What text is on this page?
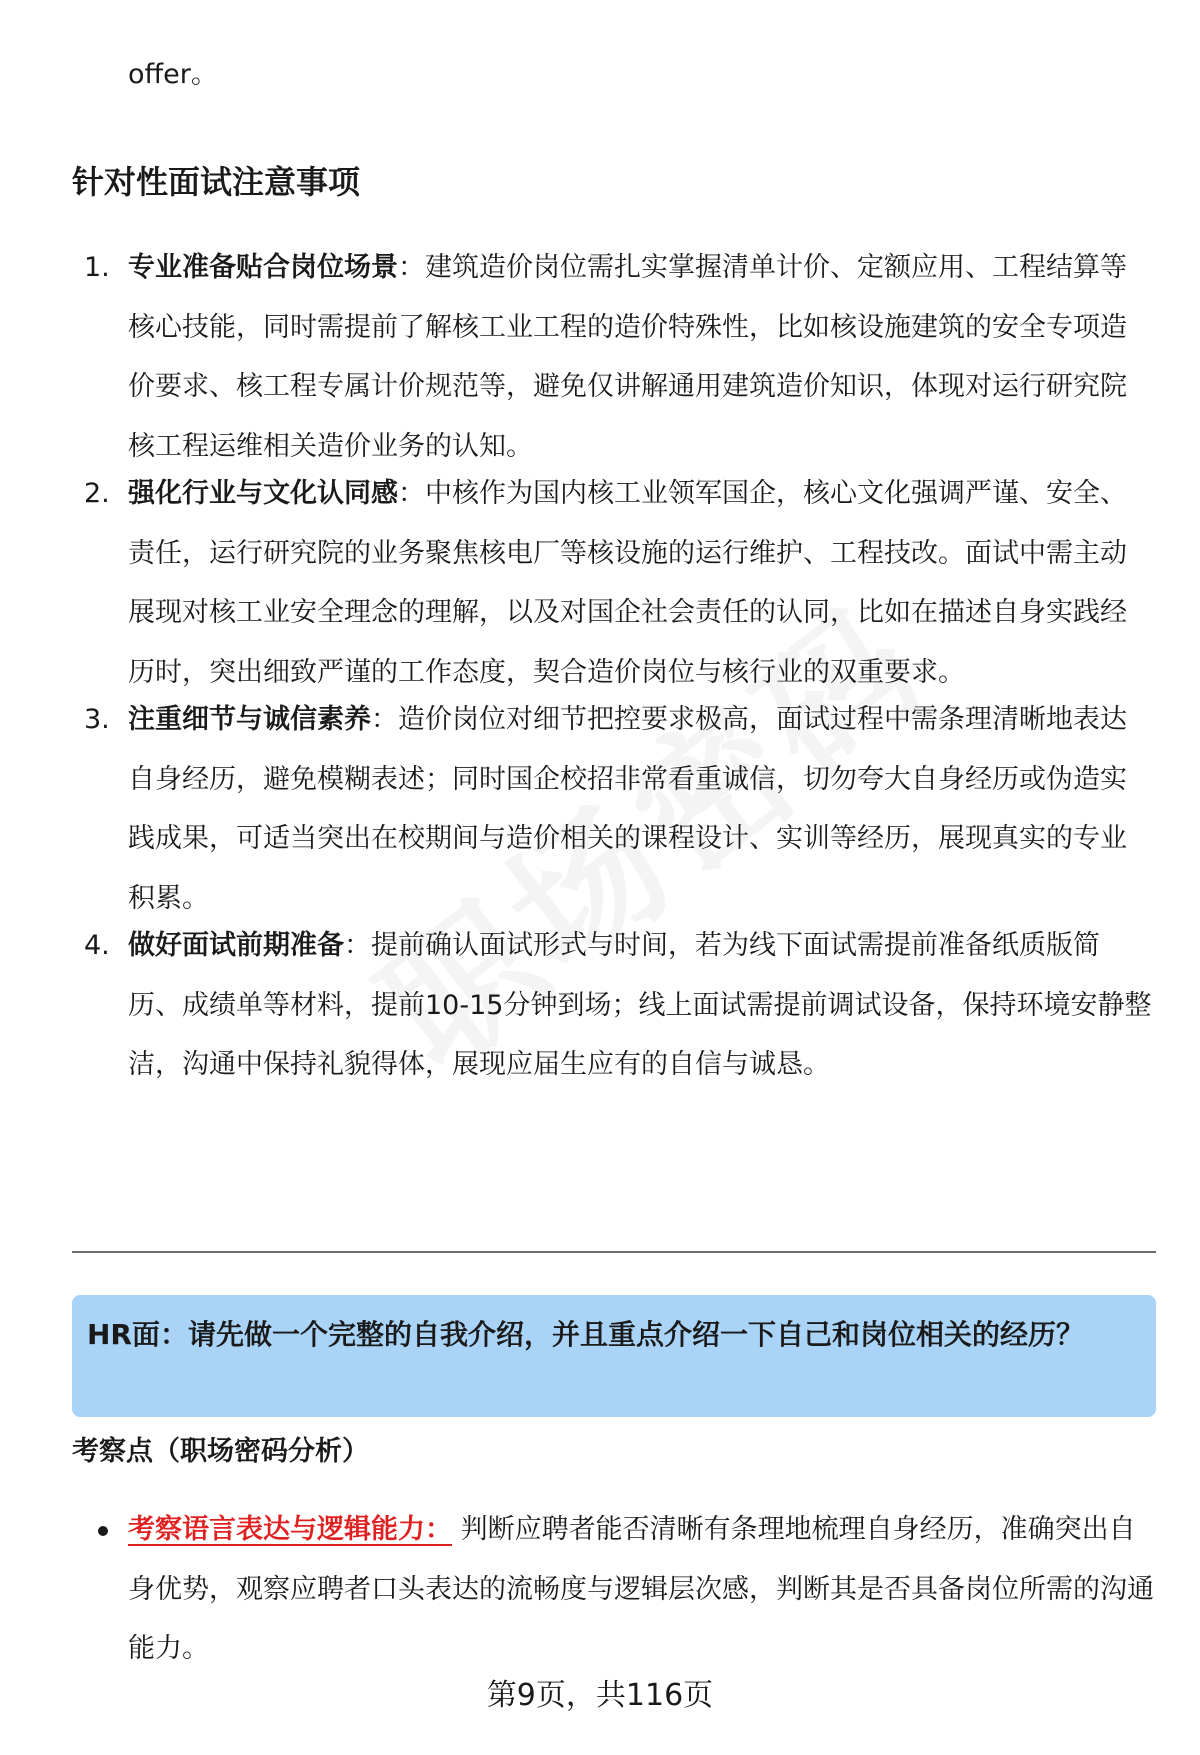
offer。
针对性面试注意事项
1. 专业准备贴合岗位场景：建筑造价岗位需扎实掌握清单计价、定额应用、工程结算等核心技能，同时需提前了解核工业工程的造价特殊性，比如核设施建筑的安全专项造价要求、核工程专属计价规范等，避免仅讲解通用建筑造价知识，体现对运行研究院核工程运维相关造价业务的认知。
2. 强化行业与文化认同感：中核作为国内核工业领军国企，核心文化强调严谨、安全、责任，运行研究院的业务聚焦核电厂等核设施的运行维护、工程技改。面试中需主动展现对核工业安全理念的理解，以及对国企社会责任的认同，比如在描述自身实践经历时，突出细致严谨的工作态度，契合造价岗位与核行业的双重要求。
3. 注重细节与诚信素养：造价岗位对细节把控要求极高，面试过程中需条理清晰地表达自身经历，避免模糊表述；同时国企校招非常看重诚信，切勿夸大自身经历或伪造实践成果，可适当突出在校期间与造价相关的课程设计、实训等经历，展现真实的专业积累。
4. 做好面试前期准备：提前确认面试形式与时间，若为线下面试需提前准备纸质版简历、成绩单等材料，提前10-15分钟到场；线上面试需提前调试设备，保持环境安静整洁，沟通中保持礼貌得体，展现应届生应有的自信与诚恳。
HR面：请先做一个完整的自我介绍，并且重点介绍一下自己和岗位相关的经历？
考察点（职场密码分析）
考察语言表达与逻辑能力： 判断应聘者能否清晰有条理地梳理自身经历，准确突出自身优势，观察应聘者口头表达的流畅度与逻辑层次感，判断其是否具备岗位所需的沟通能力。
第9页，共116页
